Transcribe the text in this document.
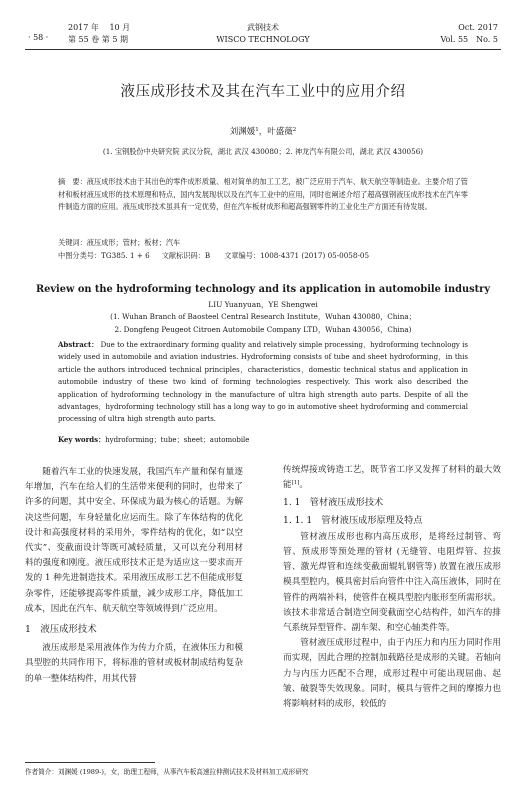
· 58 ·
2017 年　 10 月
第 55 卷 第 5 期
武钢技术
WISCO TECHNOLOGY
Oct. 2017
Vol. 55　No. 5
液压成形技术及其在汽车工业中的应用介绍
刘渊媛$^1$，叶盛薇$^2$
(1. 宝钢股份中央研究院 武汉分院，湖北 武汉 430080；2. 神龙汽车有限公司，湖北 武汉 430056)
摘　要：液压成形技术由于其出色的零件成形质量、相对简单的加工工艺，被广泛应用于汽车、航天航空等制造业。主要介绍了管材和板材液压成形的技术原理和特点，国内发展现状以及在汽车工业中的应用，同时也阐述介绍了超高强钢液压成形技术在汽车零件制造方面的应用。液压成形技术虽具有一定优势，但在汽车板材成形和超高强钢零件的工业化生产方面还有待发展。
关键词：液压成形；管材；板材；汽车
中图分类号：TG385. 1 + 6 文献标识码：B 文章编号：1008-4371 (2017) 05-0058-05
Review on the hydroforming technology and its application in automobile industry
LIU Yuanyuan，YE Shengwei
(1. Wuhan Branch of Baosteel Central Research Institute，Wuhan 430080，China；
2. Dongfeng Peugeot Citroen Automobile Company LTD，Wuhan 430056，China)
Abstract： Due to the extraordinary forming quality and relatively simple processing，hydroforming technology is widely used in automobile and aviation industries. Hydroforming consists of tube and sheet hydroforming，in this article the authors introduced technical principles，characteristics，domestic technical status and application in automobile industry of these two kind of forming technologies respectively. This work also described the application of hydroforming technology in the manufacture of ultra high strength auto parts. Despite of all the advantages，hydroforming technology still has a long way to go in automotive sheet hydroforming and commercial processing of ultra high strength auto parts.
Key words：hydroforming；tube；sheet；automobile

随着汽车工业的快速发展，我国汽车产量和保有量逐年增加，汽车在给人们的生活带来便利的同时，也带来了许多的问题，其中安全、环保成为最为核心的话题。为解决这些问题，车身轻量化应运而生。除了车体结构的优化设计和高强度材料的采用外，零件结构的优化，如“以空代实”、变截面设计等既可减轻质量，又可以充分利用材料的强度和刚度。液压成形技术正是为适应这一要求而开发的 1 种先进制造技术。采用液压成形工艺不但能成形复杂零件，还能够提高零件质量，减少成形工序，降低加工成本，因此在汽车、航天航空等领域得到广泛应用。

1　液压成形技术

液压成形是采用液体作为传力介质，在液体压力和模具型腔的共同作用下，将标准的管材或板材制成结构复杂的单一整体结构件，用其代替

传统焊接或铸造工艺，既节省工序又发挥了材料的最大效能[1]。

1. 1　管材液压成形技术
1. 1. 1　管材液压成形原理及特点

管材液压成形也称内高压成形，是将经过制管、弯管、预成形等预处理的管材 (无缝管、电阻焊管、拉拔管、激光焊管和连续变截面辊轧钢管等) 放置在液压成形模具型腔内，模具密封后向管件中注入高压液体，同时在管件的两端补料，使管件在模具型腔内胀形至所需形状。该技术非常适合制造空间变截面空心结构件，如汽车的排气系统异型管件、副车架、和空心轴类件等。

管材液压成形过程中，由于内压力和内压力同时作用而实现，因此合理的控制加载路径是成形的关键。若轴向力与内压力匹配不合理，成形过程中可能出现屈曲、起皱、破裂等失效现象。同时，模具与管件之间的摩擦力也将影响材料的成形，较低的

作者简介：刘渊媛 (1989-)，女，助理工程师，从事汽车板高速拉伸测试技术及材料加工成形研究
